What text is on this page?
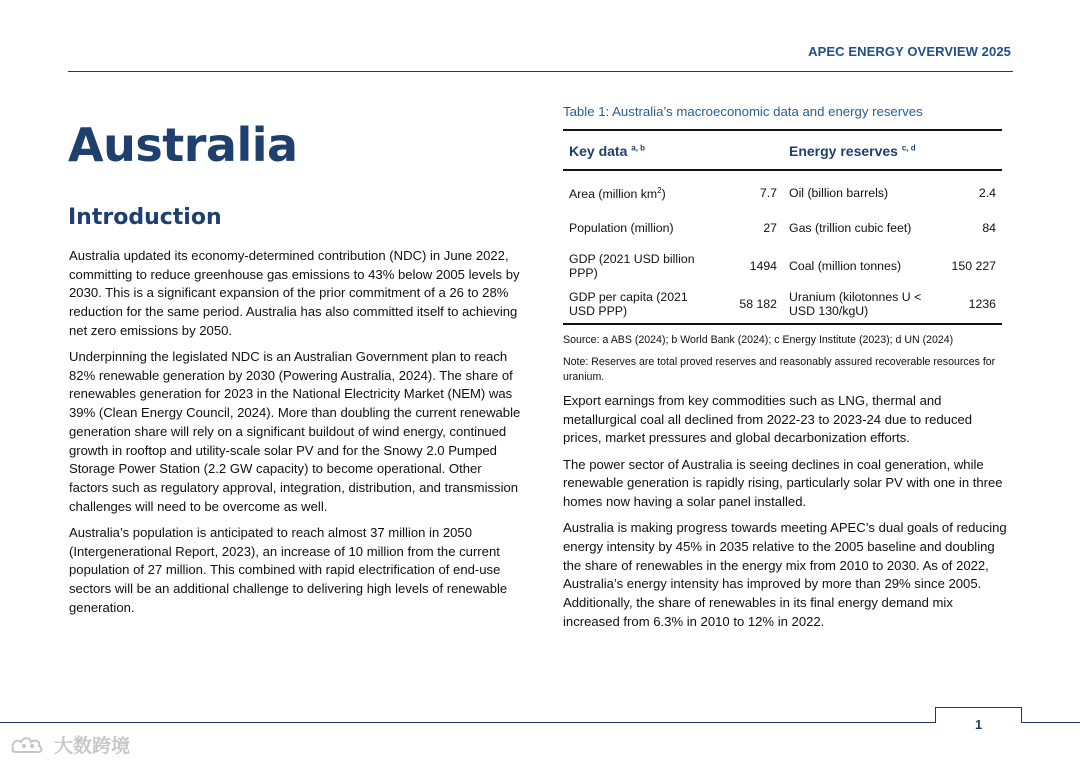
APEC ENERGY OVERVIEW 2025
Australia
Introduction

Australia updated its economy-determined contribution (NDC) in June 2022, committing to reduce greenhouse gas emissions to 43% below 2005 levels by 2030. This is a significant expansion of the prior commitment of a 26 to 28% reduction for the same period. Australia has also committed itself to achieving net zero emissions by 2050.

Underpinning the legislated NDC is an Australian Government plan to reach 82% renewable generation by 2030 (Powering Australia, 2024). The share of renewables generation for 2023 in the National Electricity Market (NEM) was 39% (Clean Energy Council, 2024). More than doubling the current renewable generation share will rely on a significant buildout of wind energy, continued growth in rooftop and utility-scale solar PV and for the Snowy 2.0 Pumped Storage Power Station (2.2 GW capacity) to become operational. Other factors such as regulatory approval, integration, distribution, and transmission challenges will need to be overcome as well.

Australia’s population is anticipated to reach almost 37 million in 2050 (Intergenerational Report, 2023), an increase of 10 million from the current population of 27 million. This combined with rapid electrification of end-use sectors will be an additional challenge to delivering high levels of renewable generation.

Table 1: Australia’s macroeconomic data and energy reserves
Key data $^{a, b}$		Energy reserves $^{c, d}$
Area (million $km^2$)	7.7	Oil (billion barrels)	2.4
Population (million)	27	Gas (trillion cubic feet)	84
GDP (2021 USD billion PPP)	1494	Coal (million tonnes)	150 227
GDP per capita (2021 USD PPP)	58 182	Uranium (kilotonnes U < USD 130/kgU)	1236
Source: a ABS (2024); b World Bank (2024); c Energy Institute (2023); d UN (2024)
Note: Reserves are total proved reserves and reasonably assured recoverable resources for uranium.

Export earnings from key commodities such as LNG, thermal and metallurgical coal all declined from 2022-23 to 2023-24 due to reduced prices, market pressures and global decarbonization efforts.

The power sector of Australia is seeing declines in coal generation, while renewable generation is rapidly rising, particularly solar PV with one in three homes now having a solar panel installed.

Australia is making progress towards meeting APEC’s dual goals of reducing energy intensity by 45% in 2035 relative to the 2005 baseline and doubling the share of renewables in the energy mix from 2010 to 2030. As of 2022, Australia’s energy intensity has improved by more than 29% since 2005. Additionally, the share of renewables in its final energy demand mix increased from 6.3% in 2010 to 12% in 2022.

1
大数跨境
